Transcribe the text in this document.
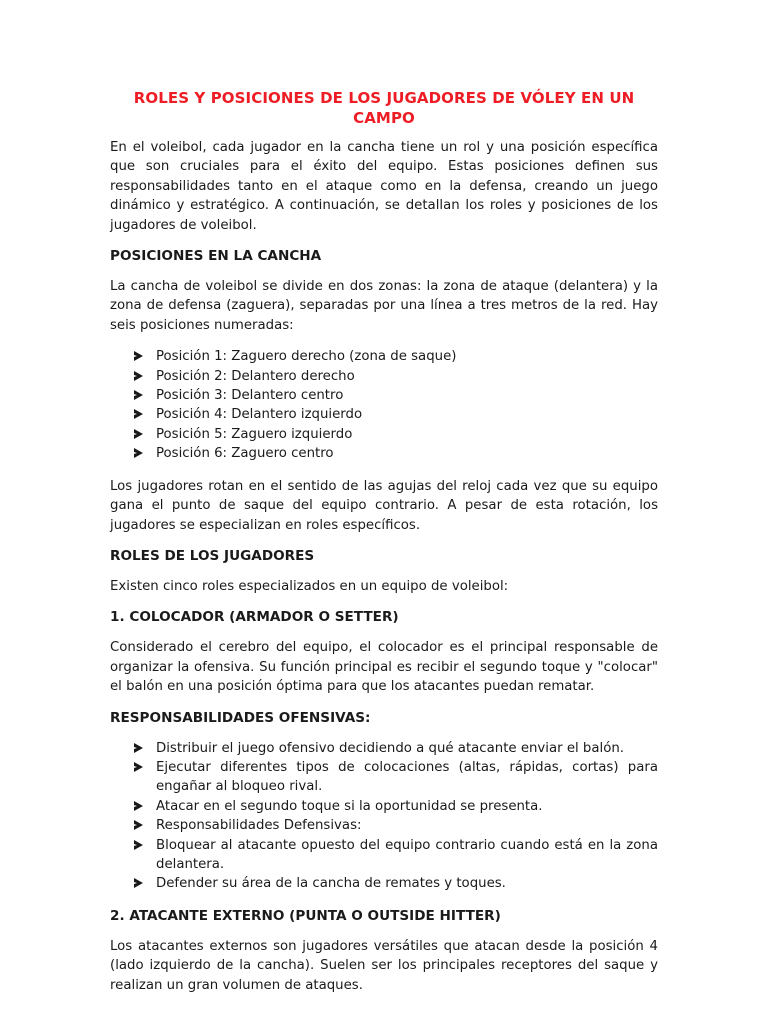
ROLES Y POSICIONES DE LOS JUGADORES DE VÓLEY EN UN CAMPO

En el voleibol, cada jugador en la cancha tiene un rol y una posición específica que son cruciales para el éxito del equipo. Estas posiciones definen sus responsabilidades tanto en el ataque como en la defensa, creando un juego dinámico y estratégico. A continuación, se detallan los roles y posiciones de los jugadores de voleibol.

POSICIONES EN LA CANCHA

La cancha de voleibol se divide en dos zonas: la zona de ataque (delantera) y la zona de defensa (zaguera), separadas por una línea a tres metros de la red. Hay seis posiciones numeradas:

Posición 1: Zaguero derecho (zona de saque)
Posición 2: Delantero derecho
Posición 3: Delantero centro
Posición 4: Delantero izquierdo
Posición 5: Zaguero izquierdo
Posición 6: Zaguero centro

Los jugadores rotan en el sentido de las agujas del reloj cada vez que su equipo gana el punto de saque del equipo contrario. A pesar de esta rotación, los jugadores se especializan en roles específicos.

ROLES DE LOS JUGADORES

Existen cinco roles especializados en un equipo de voleibol:

1. COLOCADOR (ARMADOR O SETTER)

Considerado el cerebro del equipo, el colocador es el principal responsable de organizar la ofensiva. Su función principal es recibir el segundo toque y "colocar" el balón en una posición óptima para que los atacantes puedan rematar.

RESPONSABILIDADES OFENSIVAS:
Distribuir el juego ofensivo decidiendo a qué atacante enviar el balón.
Ejecutar diferentes tipos de colocaciones (altas, rápidas, cortas) para engañar al bloqueo rival.
Atacar en el segundo toque si la oportunidad se presenta.
Responsabilidades Defensivas:
Bloquear al atacante opuesto del equipo contrario cuando está en la zona delantera.
Defender su área de la cancha de remates y toques.
2. ATACANTE EXTERNO (PUNTA O OUTSIDE HITTER)

Los atacantes externos son jugadores versátiles que atacan desde la posición 4 (lado izquierdo de la cancha). Suelen ser los principales receptores del saque y realizan un gran volumen de ataques.
